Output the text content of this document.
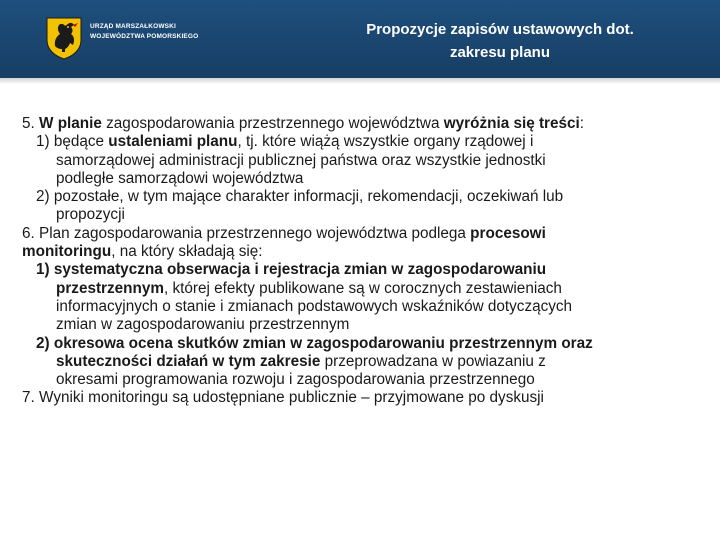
URZĄD MARSZAŁKOWSKI
WOJEWÓDZTWA POMORSKIEGO	Propozycje zapisów ustawowych dot.
zakresu planu

5. W planie zagospodarowania przestrzennego województwa wyróżnia się treści:

1) będące ustaleniami planu, tj. które wiążą wszystkie organy rządowej i
samorządowej administracji publicznej państwa oraz wszystkie jednostki
podległe samorządowi województwa
2) pozostałe, w tym mające charakter informacji, rekomendacji, oczekiwań lub
propozycji

6. Plan zagospodarowania przestrzennego województwa podlega procesowi
monitoringu, na który składają się:

1) systematyczna obserwacja i rejestracja zmian w zagospodarowaniu
przestrzennym, której efekty publikowane są w corocznych zestawieniach
informacyjnych o stanie i zmianach podstawowych wskaźników dotyczących
zmian w zagospodarowaniu przestrzennym
2) okresowa ocena skutków zmian w zagospodarowaniu przestrzennym oraz
skuteczności działań w tym zakresie przeprowadzana w powiazaniu z
okresami programowania rozwoju i zagospodarowania przestrzennego

7. Wyniki monitoringu są udostępniane publicznie – przyjmowane po dyskusji
